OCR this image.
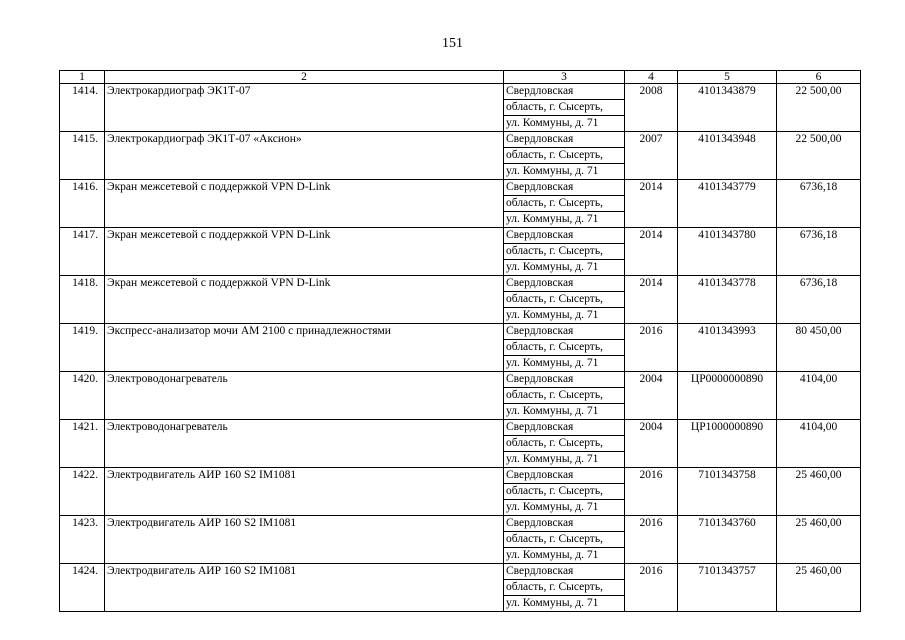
151
1	2	3	4	5	6
1414.	Электрокардиограф ЭК1Т-07	Свердловская
область, г. Сысерть,
ул. Коммуны, д. 71	2008	4101343879	22 500,00
1415.	Электрокардиограф ЭК1Т-07 «Аксион»	Свердловская
область, г. Сысерть,
ул. Коммуны, д. 71	2007	4101343948	22 500,00
1416.	Экран межсетевой с поддержкой VPN D-Link	Свердловская
область, г. Сысерть,
ул. Коммуны, д. 71	2014	4101343779	6736,18
1417.	Экран межсетевой с поддержкой VPN D-Link	Свердловская
область, г. Сысерть,
ул. Коммуны, д. 71	2014	4101343780	6736,18
1418.	Экран межсетевой с поддержкой VPN D-Link	Свердловская
область, г. Сысерть,
ул. Коммуны, д. 71	2014	4101343778	6736,18
1419.	Экспресс-анализатор мочи АМ 2100 с принадлежностями	Свердловская
область, г. Сысерть,
ул. Коммуны, д. 71	2016	4101343993	80 450,00
1420.	Электроводонагреватель	Свердловская
область, г. Сысерть,
ул. Коммуны, д. 71	2004	ЦР0000000890	4104,00
1421.	Электроводонагреватель	Свердловская
область, г. Сысерть,
ул. Коммуны, д. 71	2004	ЦР1000000890	4104,00
1422.	Электродвигатель АИР 160 S2 IM1081	Свердловская
область, г. Сысерть,
ул. Коммуны, д. 71	2016	7101343758	25 460,00
1423.	Электродвигатель АИР 160 S2 IM1081	Свердловская
область, г. Сысерть,
ул. Коммуны, д. 71	2016	7101343760	25 460,00
1424.	Электродвигатель АИР 160 S2 IM1081	Свердловская
область, г. Сысерть,
ул. Коммуны, д. 71	2016	7101343757	25 460,00
